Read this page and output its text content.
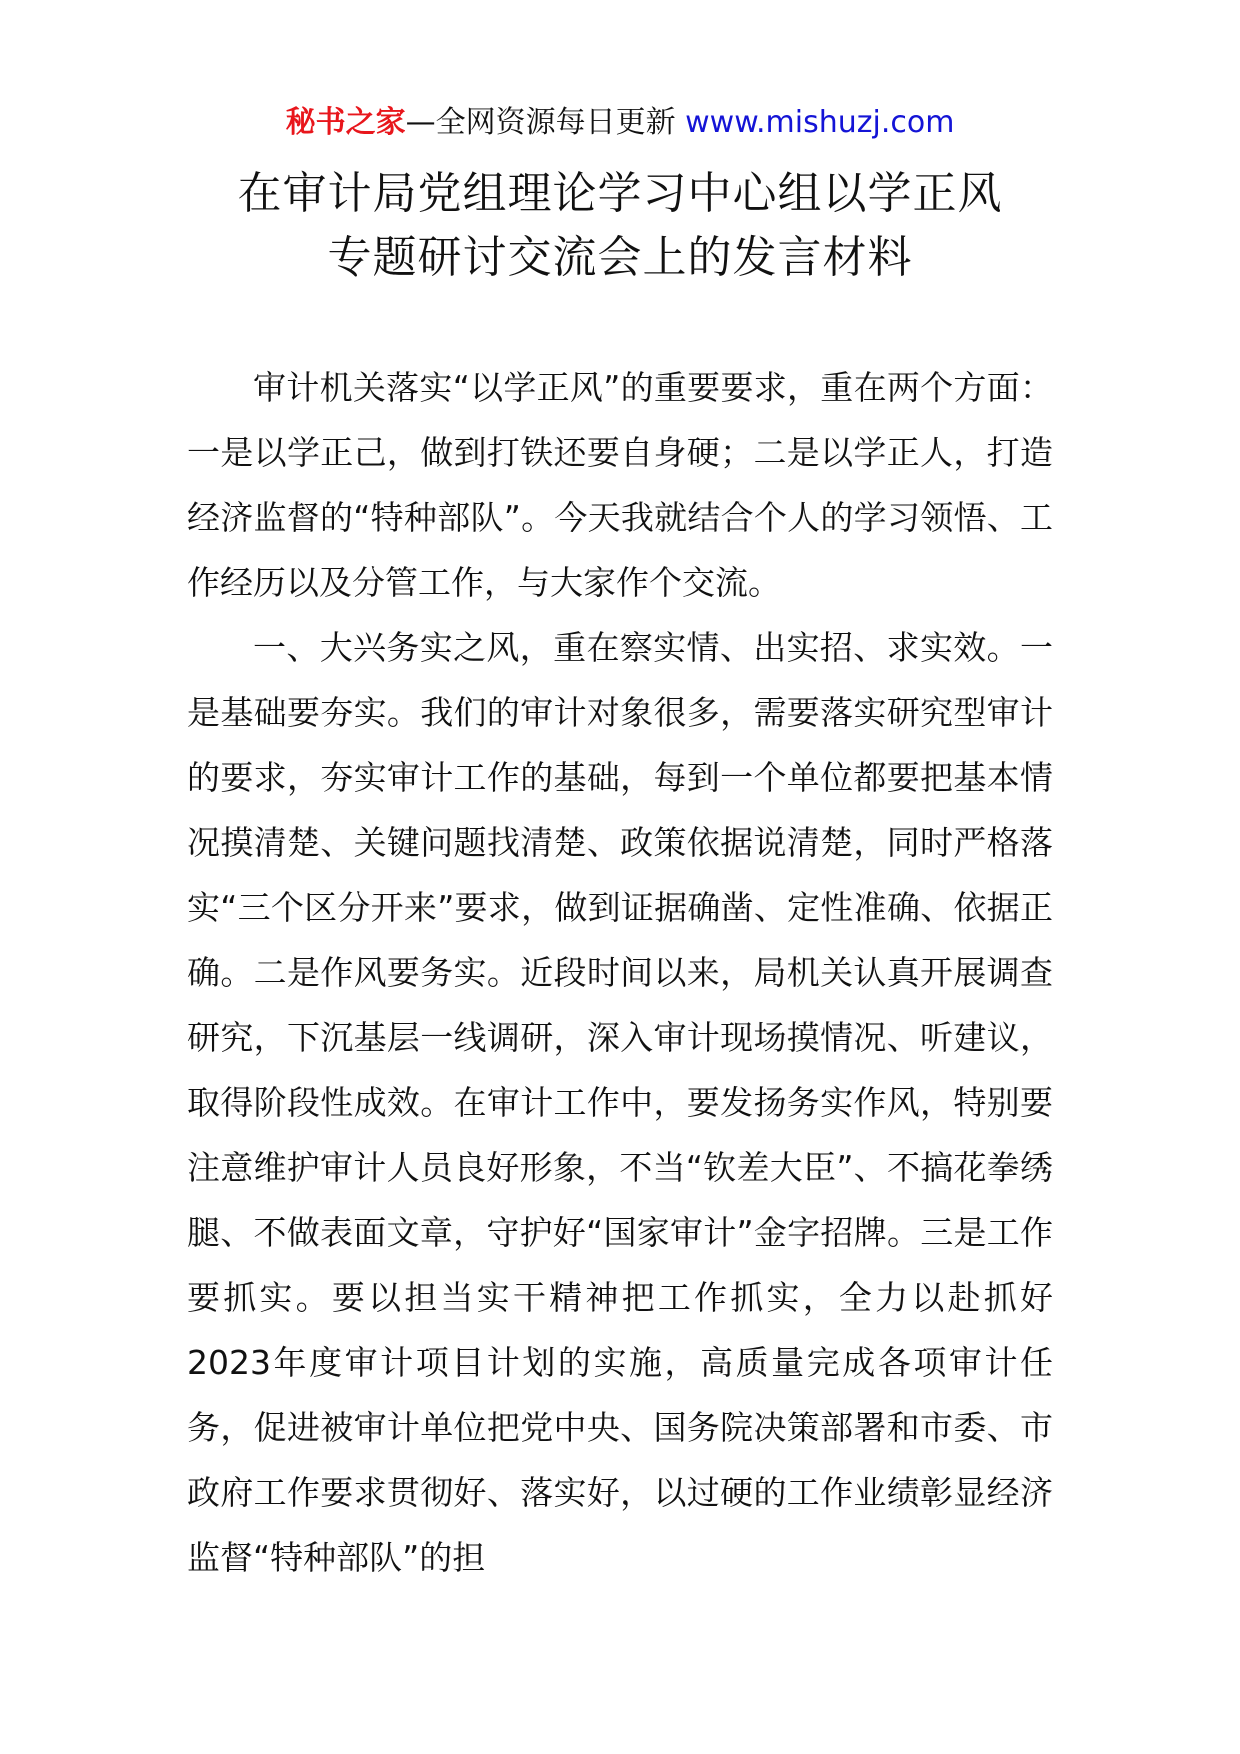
秘书之家—全网资源每日更新 www.mishuzj.com
在审计局党组理论学习中心组以学正风
专题研讨交流会上的发言材料

审计机关落实“以学正风”的重要要求，重在两个方面：一是以学正己，做到打铁还要自身硬；二是以学正人，打造经济监督的“特种部队”。今天我就结合个人的学习领悟、工作经历以及分管工作，与大家作个交流。

一、大兴务实之风，重在察实情、出实招、求实效。一是基础要夯实。我们的审计对象很多，需要落实研究型审计的要求，夯实审计工作的基础，每到一个单位都要把基本情况摸清楚、关键问题找清楚、政策依据说清楚，同时严格落实“三个区分开来”要求，做到证据确凿、定性准确、依据正确。二是作风要务实。近段时间以来，局机关认真开展调查研究，下沉基层一线调研，深入审计现场摸情况、听建议，取得阶段性成效。在审计工作中，要发扬务实作风，特别要注意维护审计人员良好形象，不当“钦差大臣”、不搞花拳绣腿、不做表面文章，守护好“国家审计”金字招牌。三是工作要抓实。要以担当实干精神把工作抓实，全力以赴抓好2023年度审计项目计划的实施，高质量完成各项审计任务，促进被审计单位把党中央、国务院决策部署和市委、市政府工作要求贯彻好、落实好，以过硬的工作业绩彰显经济监督“特种部队”的担
